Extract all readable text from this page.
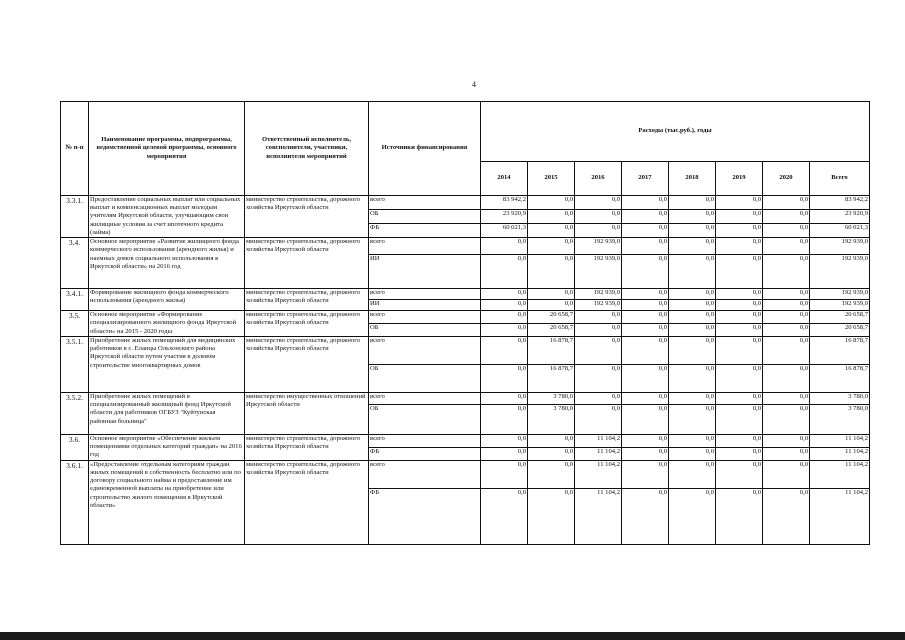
4
№ п-п	Наименование программы, подпрограммы, ведомственной целевой программы, основного мероприятия	Ответственный исполнитель, соисполнители, участники, исполнители мероприятий	Источники финансирования	Расходы (тыс.руб.), годы							
				2014	2015	2016	2017	2018	2019	2020	Всего
3.3.1.	Предоставление социальных выплат или социальных выплат и компенсационных выплат молодым учителям Иркутской области, улучшающим свои жилищные условия за счет ипотечного кредита (займа)	министерство строительства, дорожного хозяйства Иркутской области	всего	83 942,2	0,0	0,0	0,0	0,0	0,0	0,0	83 942,2
			ОБ	23 920,9	0,0	0,0	0,0	0,0	0,0	0,0	23 920,9
			ФБ	60 021,3	0,0	0,0	0,0	0,0	0,0	0,0	60 021,3
3.4.	Основное мероприятие «Развитие жилищного фонда коммерческого использования (арендного жилья) и наемных домов социального использования в Иркутской области» на 2016 год	министерство строительства, дорожного хозяйства Иркутской области	всего	0,0	0,0	192 939,0	0,0	0,0	0,0	0,0	192 939,0
			ИИ	0,0	0,0	192 939,0	0,0	0,0	0,0	0,0	192 939,0
3.4.1.	Формирование жилищного фонда коммерческого использования (арендного жилья)	министерство строительства, дорожного хозяйства Иркутской области	всего	0,0	0,0	192 939,0	0,0	0,0	0,0	0,0	192 939,0
			ИИ	0,0	0,0	192 939,0	0,0	0,0	0,0	0,0	192 939,0
3.5.	Основное мероприятие «Формирование специализированного жилищного фонда Иркутской области» на 2015 - 2020 годы	министерство строительства, дорожного хозяйства Иркутской области	всего	0,0	20 658,7	0,0	0,0	0,0	0,0	0,0	20 658,7
			ОБ	0,0	20 658,7	0,0	0,0	0,0	0,0	0,0	20 658,7
3.5.1.	Приобретение жилых помещений для медицинских работников в с. Еланцы Ольхонского района Иркутской области путем участия в долевом строительстве многоквартирных домов	министерство строительства, дорожного хозяйства Иркутской области	всего	0,0	16 878,7	0,0	0,0	0,0	0,0	0,0	16 878,7
			ОБ	0,0	16 878,7	0,0	0,0	0,0	0,0	0,0	16 878,7
3.5.2.	Приобретение жилых помещений в специализированный жилищный фонд Иркутской области для работников ОГБУЗ "Куйтунская районная больница"	министерство имущественных отношений Иркутской области	всего	0,0	3 780,0	0,0	0,0	0,0	0,0	0,0	3 780,0
			ОБ	0,0	3 780,0	0,0	0,0	0,0	0,0	0,0	3 780,0
3.6.	Основное мероприятие «Обеспечение жильем помещениями отдельных категорий граждан» на 2016 год	министерство строительства, дорожного хозяйства Иркутской области	всего	0,0	0,0	11 104,2	0,0	0,0	0,0	0,0	11 104,2
			ФБ	0,0	0,0	11 104,2	0,0	0,0	0,0	0,0	11 104,2
3.6.1.	«Предоставление отдельным категориям граждан жилых помещений в собственность бесплатно или по договору социального найма и предоставление им единовременной выплаты на приобретение или строительство жилого помещения в Иркутской области»	министерство строительства, дорожного хозяйства Иркутской области	всего	0,0	0,0	11 104,2	0,0	0,0	0,0	0,0	11 104,2
			ФБ	0,0	0,0	11 104,2	0,0	0,0	0,0	0,0	11 104,2
